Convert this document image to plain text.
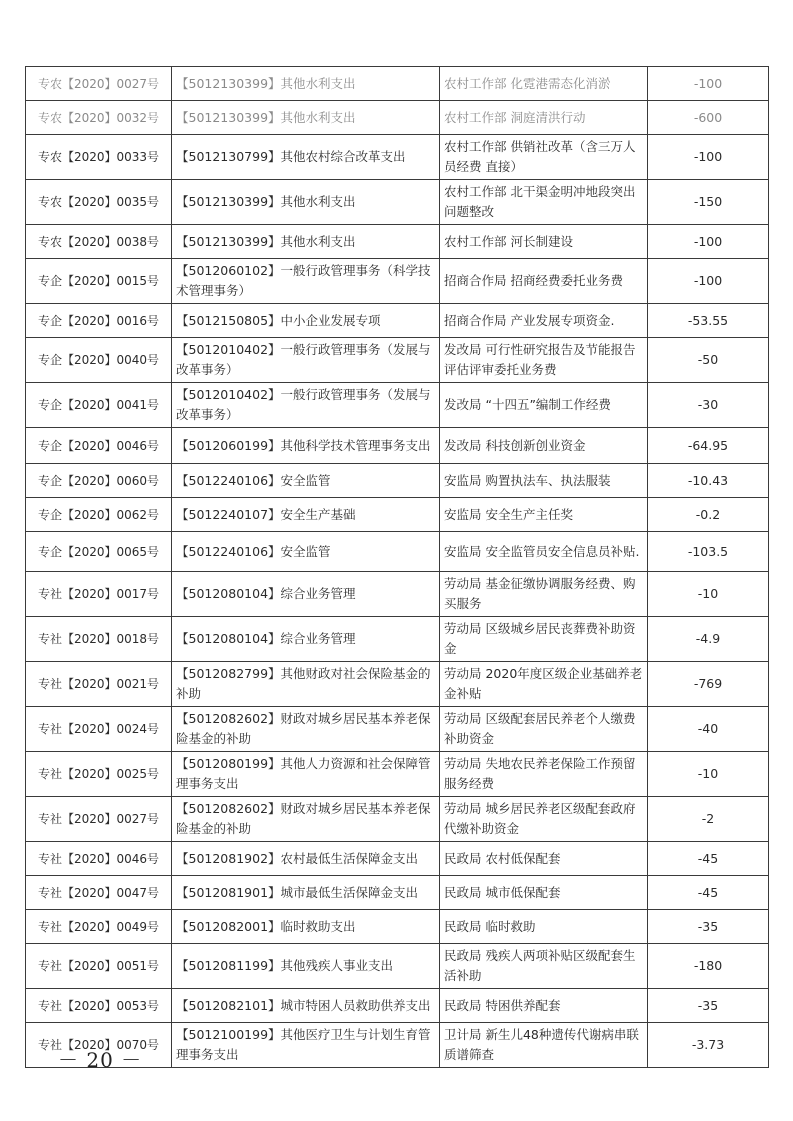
专农【2020】0027号	【5012130399】其他水利支出	农村工作部 化霓港需态化消淤	-100
专农【2020】0032号	【5012130399】其他水利支出	农村工作部 洞庭清洪行动	-600
专农【2020】0033号	【5012130799】其他农村综合改革支出	农村工作部 供销社改革（含三万人员经费 直接）	-100
专农【2020】0035号	【5012130399】其他水利支出	农村工作部 北干渠金明冲地段突出问题整改	-150
专农【2020】0038号	【5012130399】其他水利支出	农村工作部 河长制建设	-100
专企【2020】0015号	【5012060102】一般行政管理事务（科学技术管理事务）	招商合作局 招商经费委托业务费	-100
专企【2020】0016号	【5012150805】中小企业发展专项	招商合作局 产业发展专项资金.	-53.55
专企【2020】0040号	【5012010402】一般行政管理事务（发展与改革事务）	发改局 可行性研究报告及节能报告评估评审委托业务费	-50
专企【2020】0041号	【5012010402】一般行政管理事务（发展与改革事务）	发改局 “十四五”编制工作经费	-30
专企【2020】0046号	【5012060199】其他科学技术管理事务支出	发改局 科技创新创业资金	-64.95
专企【2020】0060号	【5012240106】安全监管	安监局 购置执法车、执法服装	-10.43
专企【2020】0062号	【5012240107】安全生产基础	安监局 安全生产主任奖	-0.2
专企【2020】0065号	【5012240106】安全监管	安监局 安全监管员安全信息员补贴.	-103.5
专社【2020】0017号	【5012080104】综合业务管理	劳动局 基金征缴协调服务经费、购买服务	-10
专社【2020】0018号	【5012080104】综合业务管理	劳动局 区级城乡居民丧葬费补助资金	-4.9
专社【2020】0021号	【5012082799】其他财政对社会保险基金的补助	劳动局 2020年度区级企业基础养老金补贴	-769
专社【2020】0024号	【5012082602】财政对城乡居民基本养老保险基金的补助	劳动局 区级配套居民养老个人缴费补助资金	-40
专社【2020】0025号	【5012080199】其他人力资源和社会保障管理事务支出	劳动局 失地农民养老保险工作预留服务经费	-10
专社【2020】0027号	【5012082602】财政对城乡居民基本养老保险基金的补助	劳动局 城乡居民养老区级配套政府代缴补助资金	-2
专社【2020】0046号	【5012081902】农村最低生活保障金支出	民政局 农村低保配套	-45
专社【2020】0047号	【5012081901】城市最低生活保障金支出	民政局 城市低保配套	-45
专社【2020】0049号	【5012082001】临时救助支出	民政局 临时救助	-35
专社【2020】0051号	【5012081199】其他残疾人事业支出	民政局 残疾人两项补贴区级配套生活补助	-180
专社【2020】0053号	【5012082101】城市特困人员救助供养支出	民政局 特困供养配套	-35
专社【2020】0070号	【5012100199】其他医疗卫生与计划生育管理事务支出	卫计局 新生儿48种遗传代谢病串联质谱筛查	-3.73
－ 20 －
